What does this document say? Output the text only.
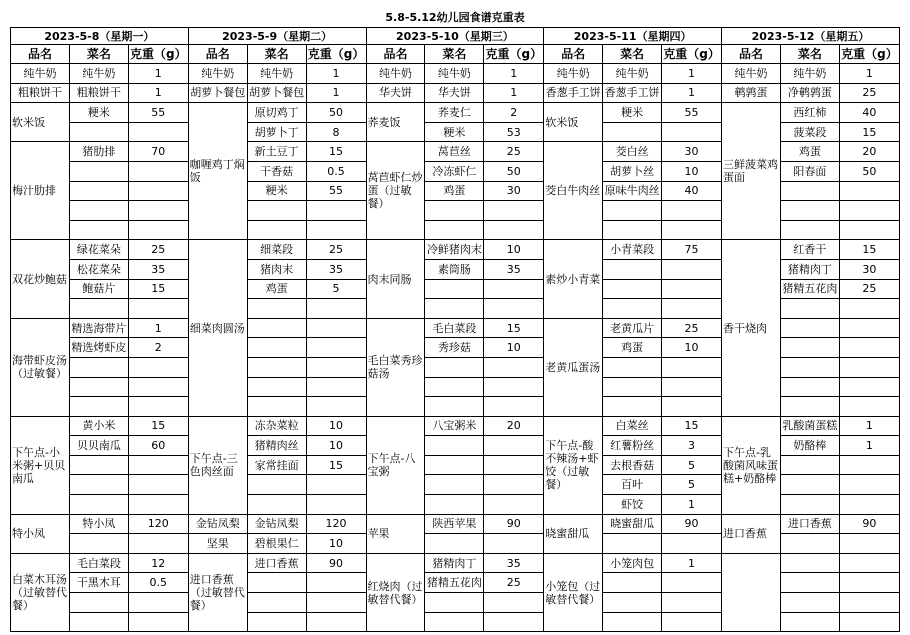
5.8-5.12幼儿园食谱克重表
2023-5-8（星期一）			2023-5-9（星期二）			2023-5-10（星期三）			2023-5-11（星期四）			2023-5-12（星期五）		
品名	菜名	克重（g）	品名	菜名	克重（g）	品名	菜名	克重（g）	品名	菜名	克重（g）	品名	菜名	克重（g）
纯牛奶	纯牛奶	1	纯牛奶	纯牛奶	1	纯牛奶	纯牛奶	1	纯牛奶	纯牛奶	1	纯牛奶	纯牛奶	1
粗粮饼干	粗粮饼干	1	胡萝卜餐包	胡萝卜餐包	1	华夫饼	华夫饼	1	香葱手工饼	香葱手工饼	1	鹌鹑蛋	净鹌鹑蛋	25
软米饭	粳米	55	咖喱鸡丁焖饭	原切鸡丁	50	荞麦饭	荞麦仁	2	软米饭	粳米	55	三鲜菠菜鸡蛋面	西红柿	40
				胡萝卜丁	8		粳米	53					菠菜段	15
梅汁肋排	猪肋排	70		新土豆丁	15	莴苣虾仁炒蛋（过敏餐）	莴苣丝	25	茭白牛肉丝	茭白丝	30		鸡蛋	20
				干香菇	0.5		冷冻虾仁	50		胡萝卜丝	10		阳春面	50
				粳米	55		鸡蛋	30		原味牛肉丝	40			

双花炒鲍菇	绿花菜朵	25	细菜肉圆汤	细菜段	25	肉末同肠	冷鲜猪肉末	10	素炒小青菜	小青菜段	75	香干烧肉	红香干	15
	松花菜朵	35		猪肉末	35		素筒肠	35					猪精肉丁	30
	鲍菇片	15		鸡蛋	5								猪精五花肉	25

海带虾皮汤（过敏餐）	精选海带片	1				毛白菜秀珍菇汤	毛白菜段	15	老黄瓜蛋汤	老黄瓜片	25			
	精选烤虾皮	2					秀珍菇	10		鸡蛋	10			

下午点-小米粥+贝贝南瓜	黄小米	15	下午点-三色肉丝面	冻杂菜粒	10	下午点-八宝粥	八宝粥米	20	下午点-酸不辣汤+虾饺（过敏餐）	白菜丝	15	下午点-乳酸菌风味蛋糕+奶酪棒	乳酸菌蛋糕	1
	贝贝南瓜	60		猪精肉丝	10					红薯粉丝	3		奶酪棒	1
				家常挂面	15					去根香菇	5			
										百叶	5			
										虾饺	1			
特小凤	特小凤	120	金钻凤梨	金钻凤梨	120	苹果	陕西苹果	90	晓蜜甜瓜	晓蜜甜瓜	90	进口香蕉	进口香蕉	90
			坚果	碧根果仁	10									
白菜木耳汤（过敏替代餐）	毛白菜段	12	进口香蕉（过敏替代餐）	进口香蕉	90	红烧肉（过敏替代餐）	猪精肉丁	35	小笼包（过敏替代餐）	小笼肉包	1			
	干黑木耳	0.5					猪精五花肉	25						
